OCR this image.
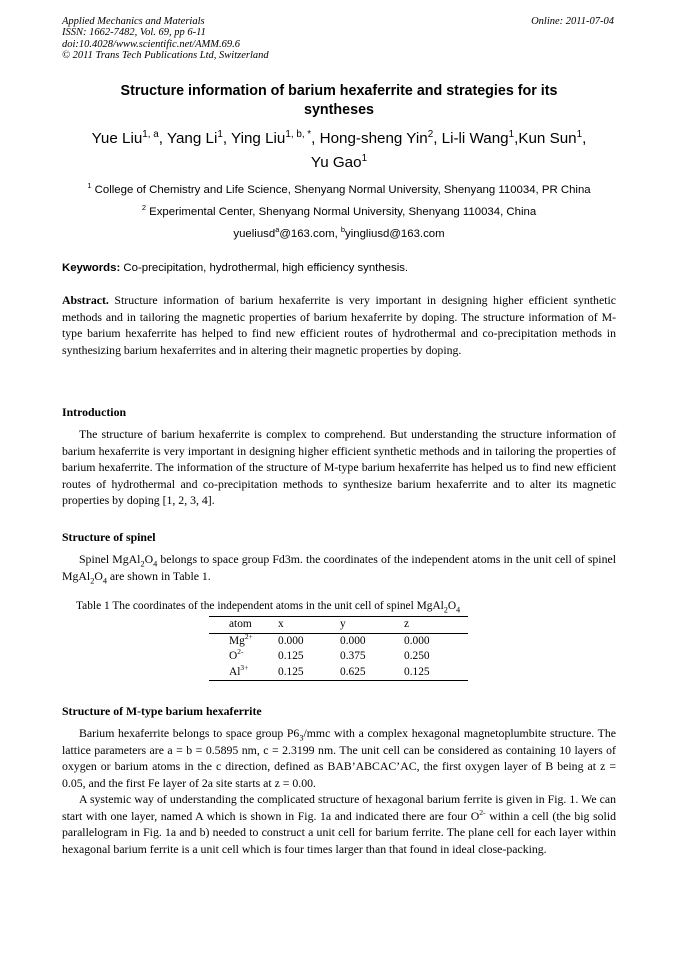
Applied Mechanics and Materials
ISSN: 1662-7482, Vol. 69, pp 6-11
doi:10.4028/www.scientific.net/AMM.69.6
© 2011 Trans Tech Publications Ltd, Switzerland
Online: 2011-07-04
Structure information of barium hexaferrite and strategies for its
syntheses
Yue Liu$^{1, a}$, Yang Li$^1$, Ying Liu$^{1, b, *}$, Hong-sheng Yin$^2$, Li-li Wang$^1$,Kun Sun$^1$,
Yu Gao$^1$
$^1$ College of Chemistry and Life Science, Shenyang Normal University, Shenyang 110034, PR China
$^2$ Experimental Center, Shenyang Normal University, Shenyang 110034, China
yueliusd$^a$@163.com, $^b$yingliusd@163.com
Keywords: Co-precipitation, hydrothermal, high efficiency synthesis.
Abstract. Structure information of barium hexaferrite is very important in designing higher efficient synthetic methods and in tailoring the magnetic properties of barium hexaferrite by doping. The structure information of M-type barium hexaferrite has helped to find new efficient routes of hydrothermal and co-precipitation methods in synthesizing barium hexaferrites and in altering their magnetic properties by doping.
Introduction
The structure of barium hexaferrite is complex to comprehend. But understanding the structure information of barium hexaferrite is very important in designing higher efficient synthetic methods and in tailoring the properties of barium hexaferrite. The information of the structure of M-type barium hexaferrite has helped us to find new efficient routes of hydrothermal and co-precipitation methods to synthesize barium hexaferrite and to alter its magnetic properties by doping [1, 2, 3, 4].
Structure of spinel
Spinel $MgAl_2O_4$ belongs to space group Fd3m. the coordinates of the independent atoms in the unit cell of spinel $MgAl_2O_4$ are shown in Table 1.
Table 1 The coordinates of the independent atoms in the unit cell of spinel $MgAl_2O_4$
atom	x	y	z
$Mg^{2+}$	0.000	0.000	0.000
$O^{2-}$	0.125	0.375	0.250
$Al^{3+}$	0.125	0.625	0.125
Structure of M-type barium hexaferrite
Barium hexaferrite belongs to space group $P6_3$/mmc with a complex hexagonal magnetoplumbite structure. The lattice parameters are a = b = 0.5895 nm, c = 2.3199 nm. The unit cell can be considered as containing 10 layers of oxygen or barium atoms in the c direction, defined as BAB’ABCAC’AC, the first oxygen layer of B being at z = 0.05, and the first Fe layer of 2a site starts at z = 0.00.
A systemic way of understanding the complicated structure of hexagonal barium ferrite is given in Fig. 1. We can start with one layer, named A which is shown in Fig. 1a and indicated there are four $O^{2-}$ within a cell (the big solid parallelogram in Fig. 1a and b) needed to construct a unit cell for barium ferrite. The plane cell for each layer within hexagonal barium ferrite is a unit cell which is four times larger than that found in ideal close-packing.
